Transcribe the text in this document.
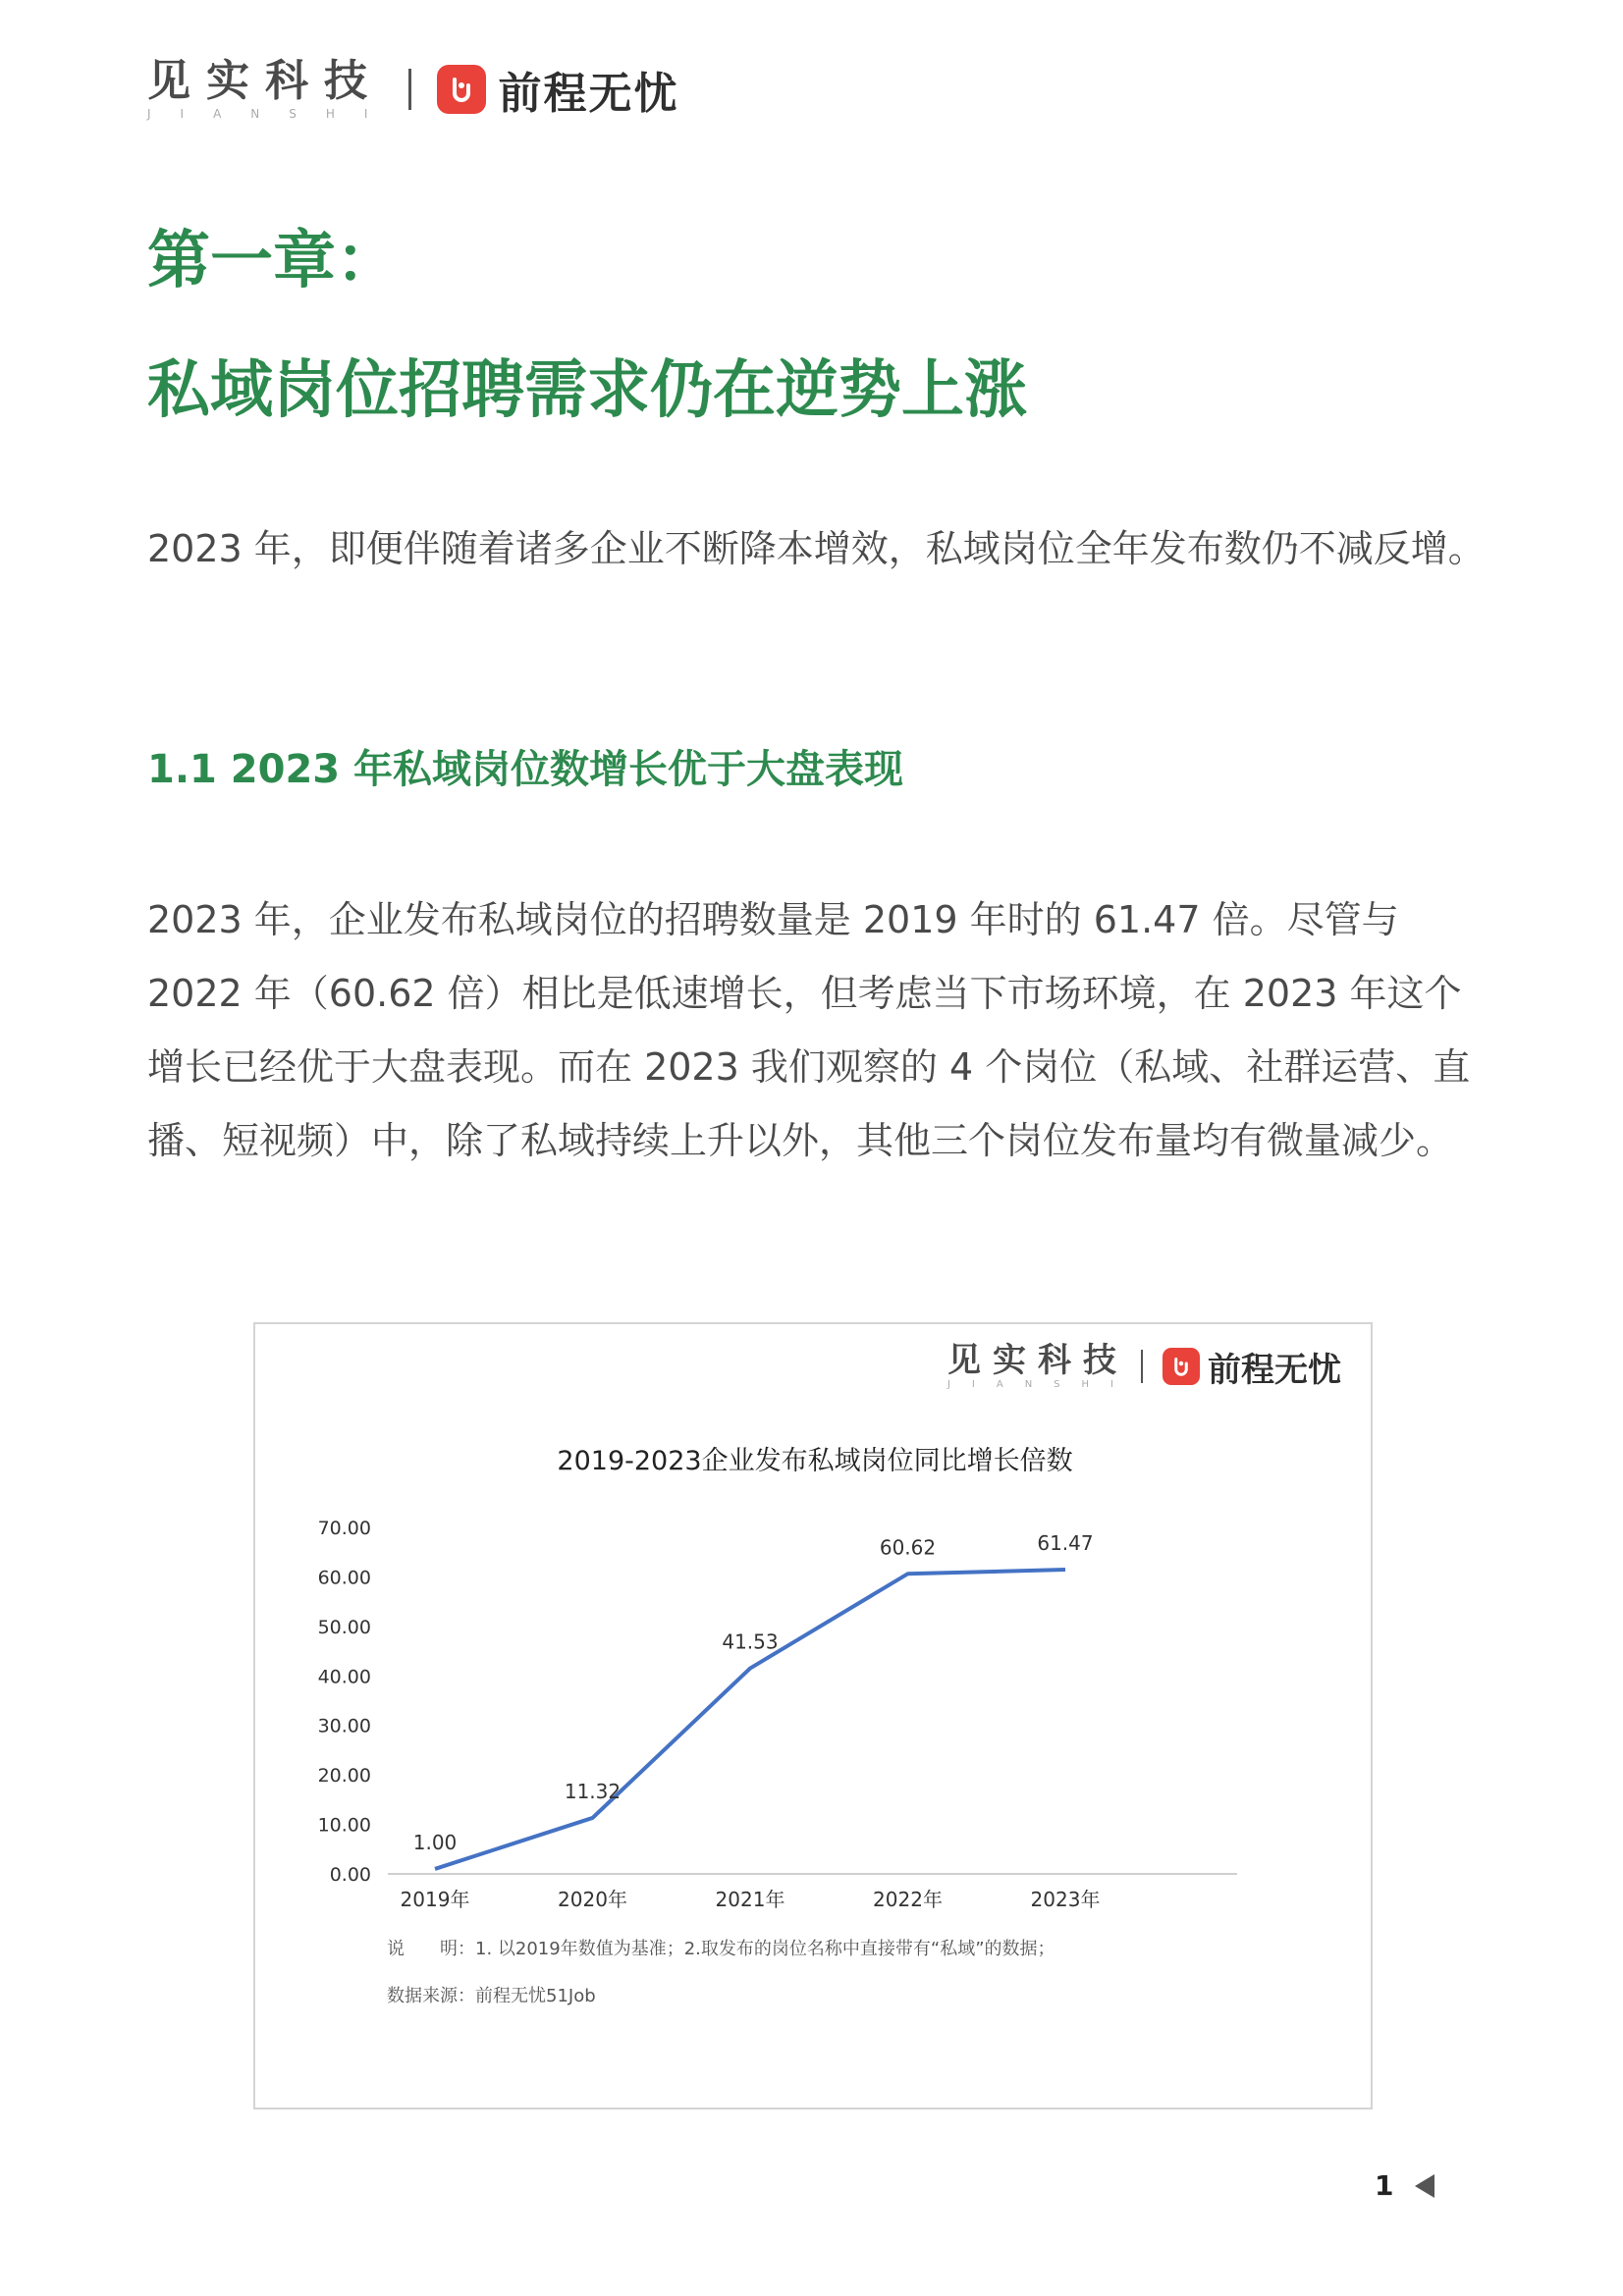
见实科技
JIANSHI 前程无忧
第一章：
私域岗位招聘需求仍在逆势上涨
2023 年，即便伴随着诸多企业不断降本增效，私域岗位全年发布数仍不减反增。
1.1 2023 年私域岗位数增长优于大盘表现
2023 年，企业发布私域岗位的招聘数量是 2019 年时的 61.47 倍。尽管与 2022 年（60.62 倍）相比是低速增长，但考虑当下市场环境，在 2023 年这个增长已经优于大盘表现。而在 2023 我们观察的 4 个岗位（私域、社群运营、直播、短视频）中，除了私域持续上升以外，其他三个岗位发布量均有微量减少。
见实科技
JIANSHI 前程无忧
2019-2023企业发布私域岗位同比增长倍数
0.00
10.00
20.00
30.00
40.00
50.00
60.00
70.00
2019年	2020年	2021年	2022年	2023年
1.00
11.32
41.53
60.62	61.47
说　　明：1. 以2019年数值为基准；2.取发布的岗位名称中直接带有“私域”的数据；
数据来源：前程无忧51Job
1
